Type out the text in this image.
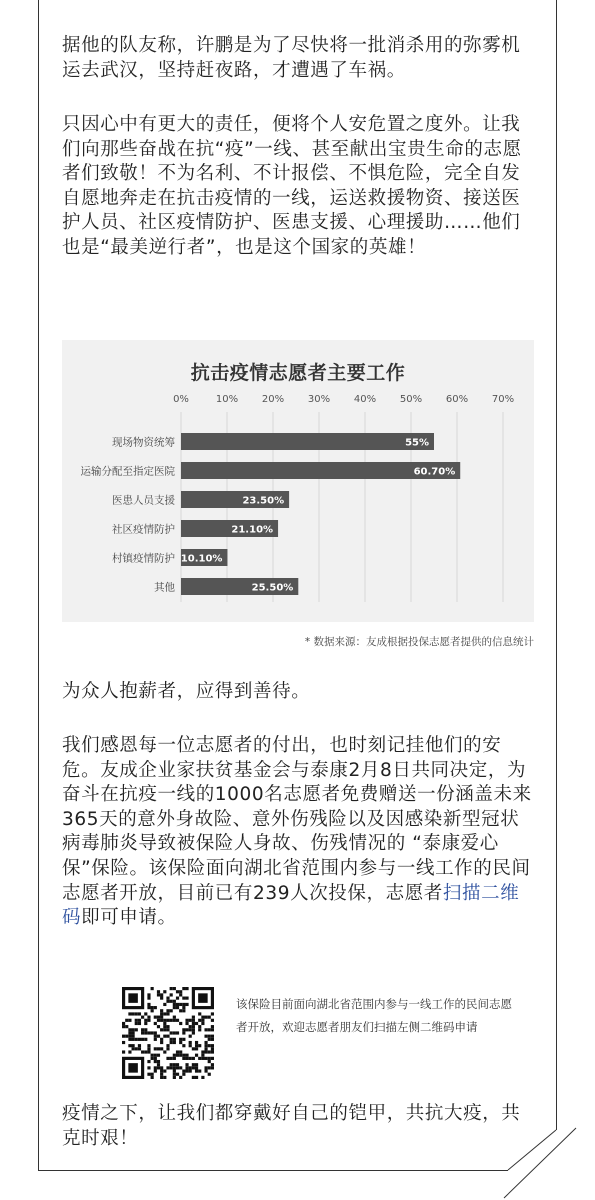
据他的队友称，许鹏是为了尽快将一批消杀用的弥雾机运去武汉，坚持赶夜路，才遭遇了车祸。

只因心中有更大的责任，便将个人安危置之度外。让我们向那些奋战在抗“疫”一线、甚至献出宝贵生命的志愿者们致敬！不为名利、不计报偿、不惧危险，完全自发自愿地奔走在抗击疫情的一线，运送救援物资、接送医护人员、社区疫情防护、医患支援、心理援助……他们也是“最美逆行者”，也是这个国家的英雄！

抗击疫情志愿者主要工作
0%	10% 20% 30% 40% 50% 60% 70%
现场物资统筹	55%
运输分配至指定医院	60.70%
医患人员支援	23.50%
社区疫情防护	21.10%
村镇疫情防护 10.10%
其他	25.50%
* 数据来源：友成根据投保志愿者提供的信息统计

为众人抱薪者，应得到善待。

我们感恩每一位志愿者的付出，也时刻记挂他们的安危。友成企业家扶贫基金会与泰康2月8日共同决定，为奋斗在抗疫一线的1000名志愿者免费赠送一份涵盖未来365天的意外身故险、意外伤残险以及因感染新型冠状病毒肺炎导致被保险人身故、伤残情况的 “泰康爱心保”保险。该保险面向湖北省范围内参与一线工作的民间志愿者开放，目前已有239人次投保，志愿者扫描二维码即可申请。

该保险目前面向湖北省范围内参与一线工作的民间志愿者开放，欢迎志愿者朋友们扫描左侧二维码申请

疫情之下，让我们都穿戴好自己的铠甲，共抗大疫，共克时艰！
